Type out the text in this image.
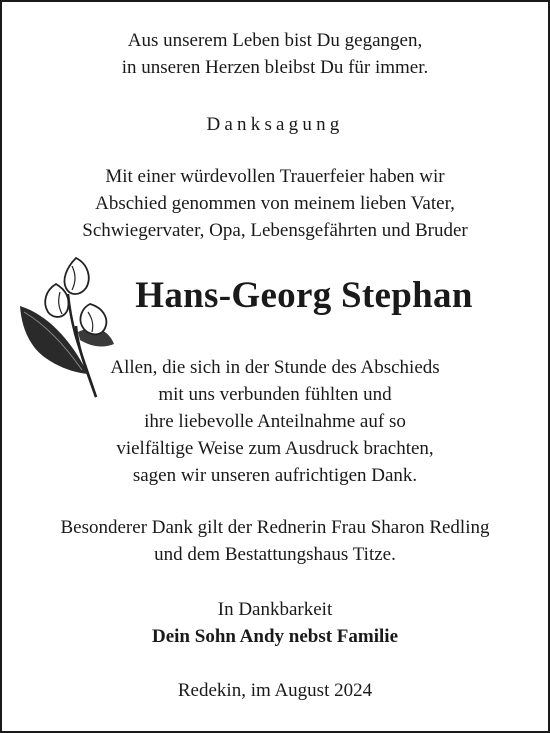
Aus unserem Leben bist Du gegangen,
in unseren Herzen bleibst Du für immer.
Danksagung
Mit einer würdevollen Trauerfeier haben wir
Abschied genommen von meinem lieben Vater,
Schwiegervater, Opa, Lebensgefährten und Bruder
Hans-Georg Stephan
Allen, die sich in der Stunde des Abschieds
mit uns verbunden fühlten und
ihre liebevolle Anteilnahme auf so
vielfältige Weise zum Ausdruck brachten,
sagen wir unseren aufrichtigen Dank.
Besonderer Dank gilt der Rednerin Frau Sharon Redling
und dem Bestattungshaus Titze.
In Dankbarkeit
Dein Sohn Andy nebst Familie
Redekin, im August 2024
